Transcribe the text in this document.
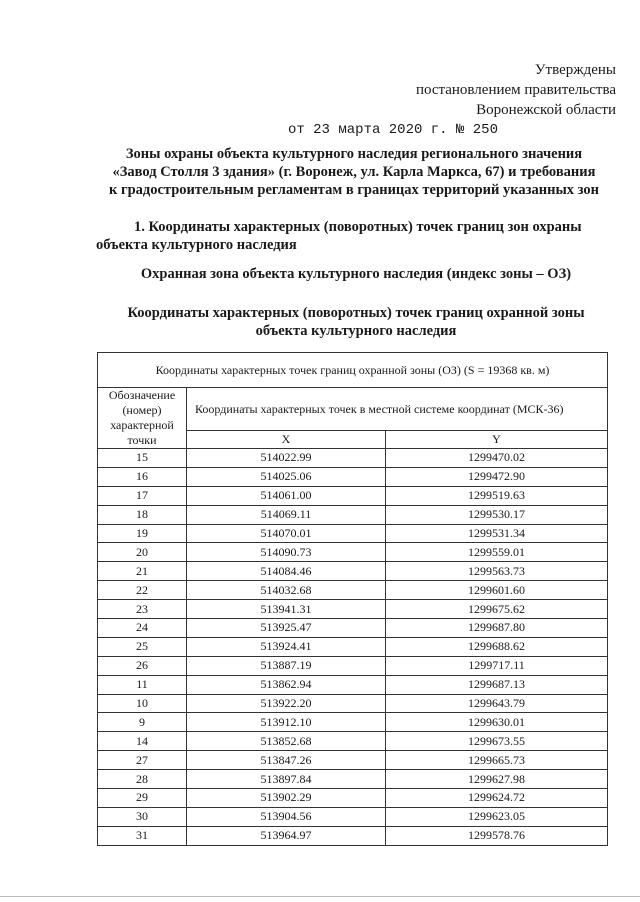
Утверждены
постановлением правительства
Воронежской области
от 23 марта 2020 г. № 250
Зоны охраны объекта культурного наследия регионального значения
«Завод Столля 3 здания» (г. Воронеж, ул. Карла Маркса, 67) и требования
к градостроительным регламентам в границах территорий указанных зон
1. Координаты характерных (поворотных) точек границ зон охраны
объекта культурного наследия
Охранная зона объекта культурного наследия (индекс зоны – ОЗ)
Координаты характерных (поворотных) точек границ охранной зоны
объекта культурного наследия
Координаты характерных точек границ охранной зоны (ОЗ) (S = 19368 кв. м)		
Обозначение (номер) характерной точки	Координаты характерных точек в местной системе координат (МСК-36)	
	X	Y
15	514022.99	1299470.02
16	514025.06	1299472.90
17	514061.00	1299519.63
18	514069.11	1299530.17
19	514070.01	1299531.34
20	514090.73	1299559.01
21	514084.46	1299563.73
22	514032.68	1299601.60
23	513941.31	1299675.62
24	513925.47	1299687.80
25	513924.41	1299688.62
26	513887.19	1299717.11
11	513862.94	1299687.13
10	513922.20	1299643.79
9	513912.10	1299630.01
14	513852.68	1299673.55
27	513847.26	1299665.73
28	513897.84	1299627.98
29	513902.29	1299624.72
30	513904.56	1299623.05
31	513964.97	1299578.76
